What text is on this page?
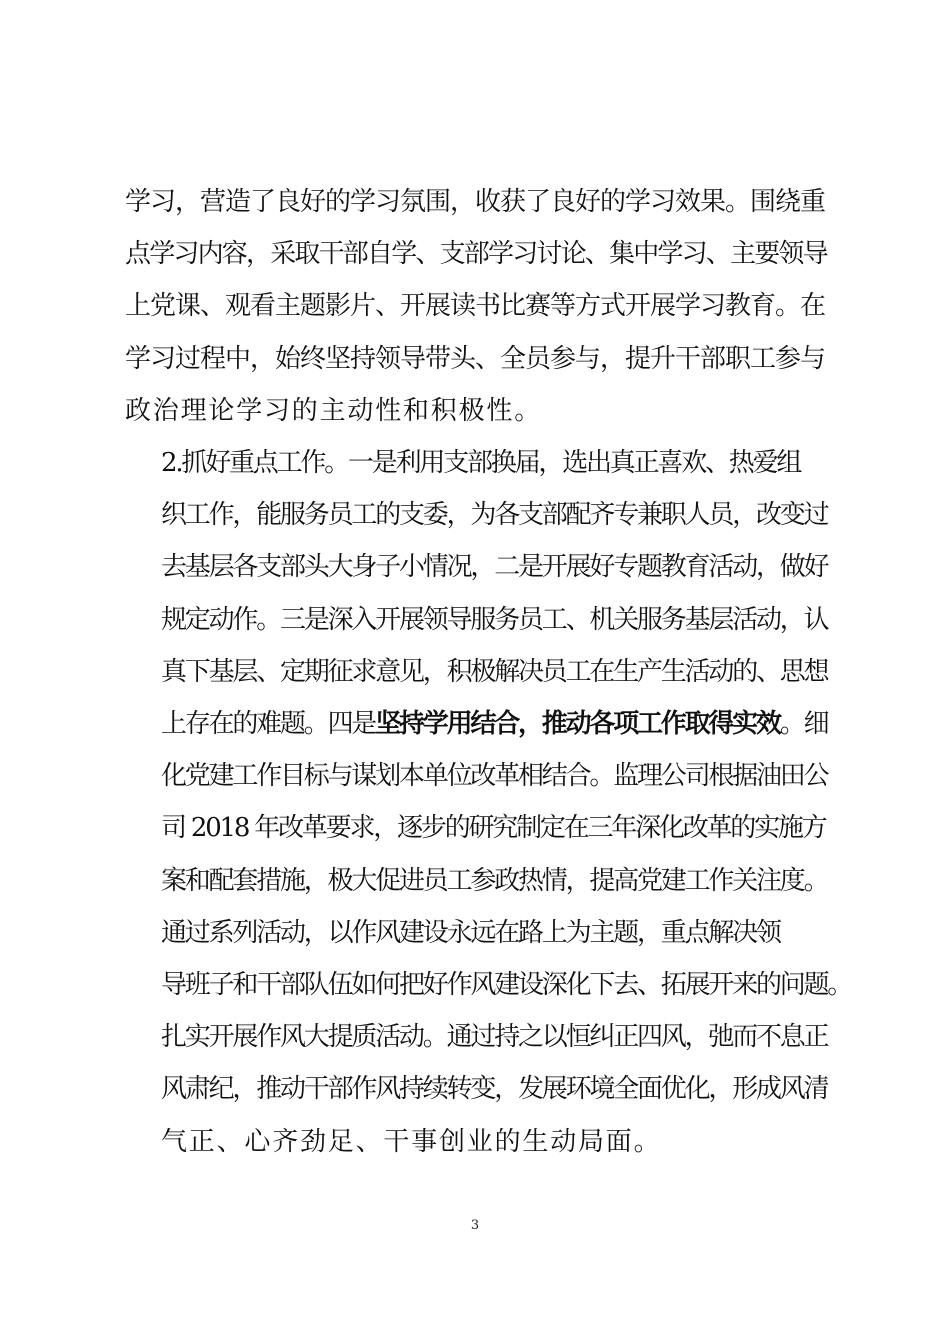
学习，营造了良好的学习氛围，收获了良好的学习效果。围绕重
点学习内容，采取干部自学、支部学习讨论、集中学习、主要领导
上党课、观看主题影片、开展读书比赛等方式开展学习教育。在
学习过程中，始终坚持领导带头、全员参与，提升干部职工参与
政治理论学习的主动性和积极性。
2.抓好重点工作。一是利用支部换届，选出真正喜欢、热爱组
织工作，能服务员工的支委，为各支部配齐专兼职人员，改变过
去基层各支部头大身子小情况，二是开展好专题教育活动，做好
规定动作。三是深入开展领导服务员工、机关服务基层活动，认
真下基层、定期征求意见，积极解决员工在生产生活动的、思想
上存在的难题。四是坚持学用结合，推动各项工作取得实效。细
化党建工作目标与谋划本单位改革相结合。监理公司根据油田公
司 2018 年改革要求，逐步的研究制定在三年深化改革的实施方
案和配套措施，极大促进员工参政热情，提高党建工作关注度。
通过系列活动，以作风建设永远在路上为主题，重点解决领
导班子和干部队伍如何把好作风建设深化下去、拓展开来的问题。
扎实开展作风大提质活动。通过持之以恒纠正四风，弛而不息正
风肃纪，推动干部作风持续转变，发展环境全面优化，形成风清
气正、心齐劲足、干事创业的生动局面。
3
